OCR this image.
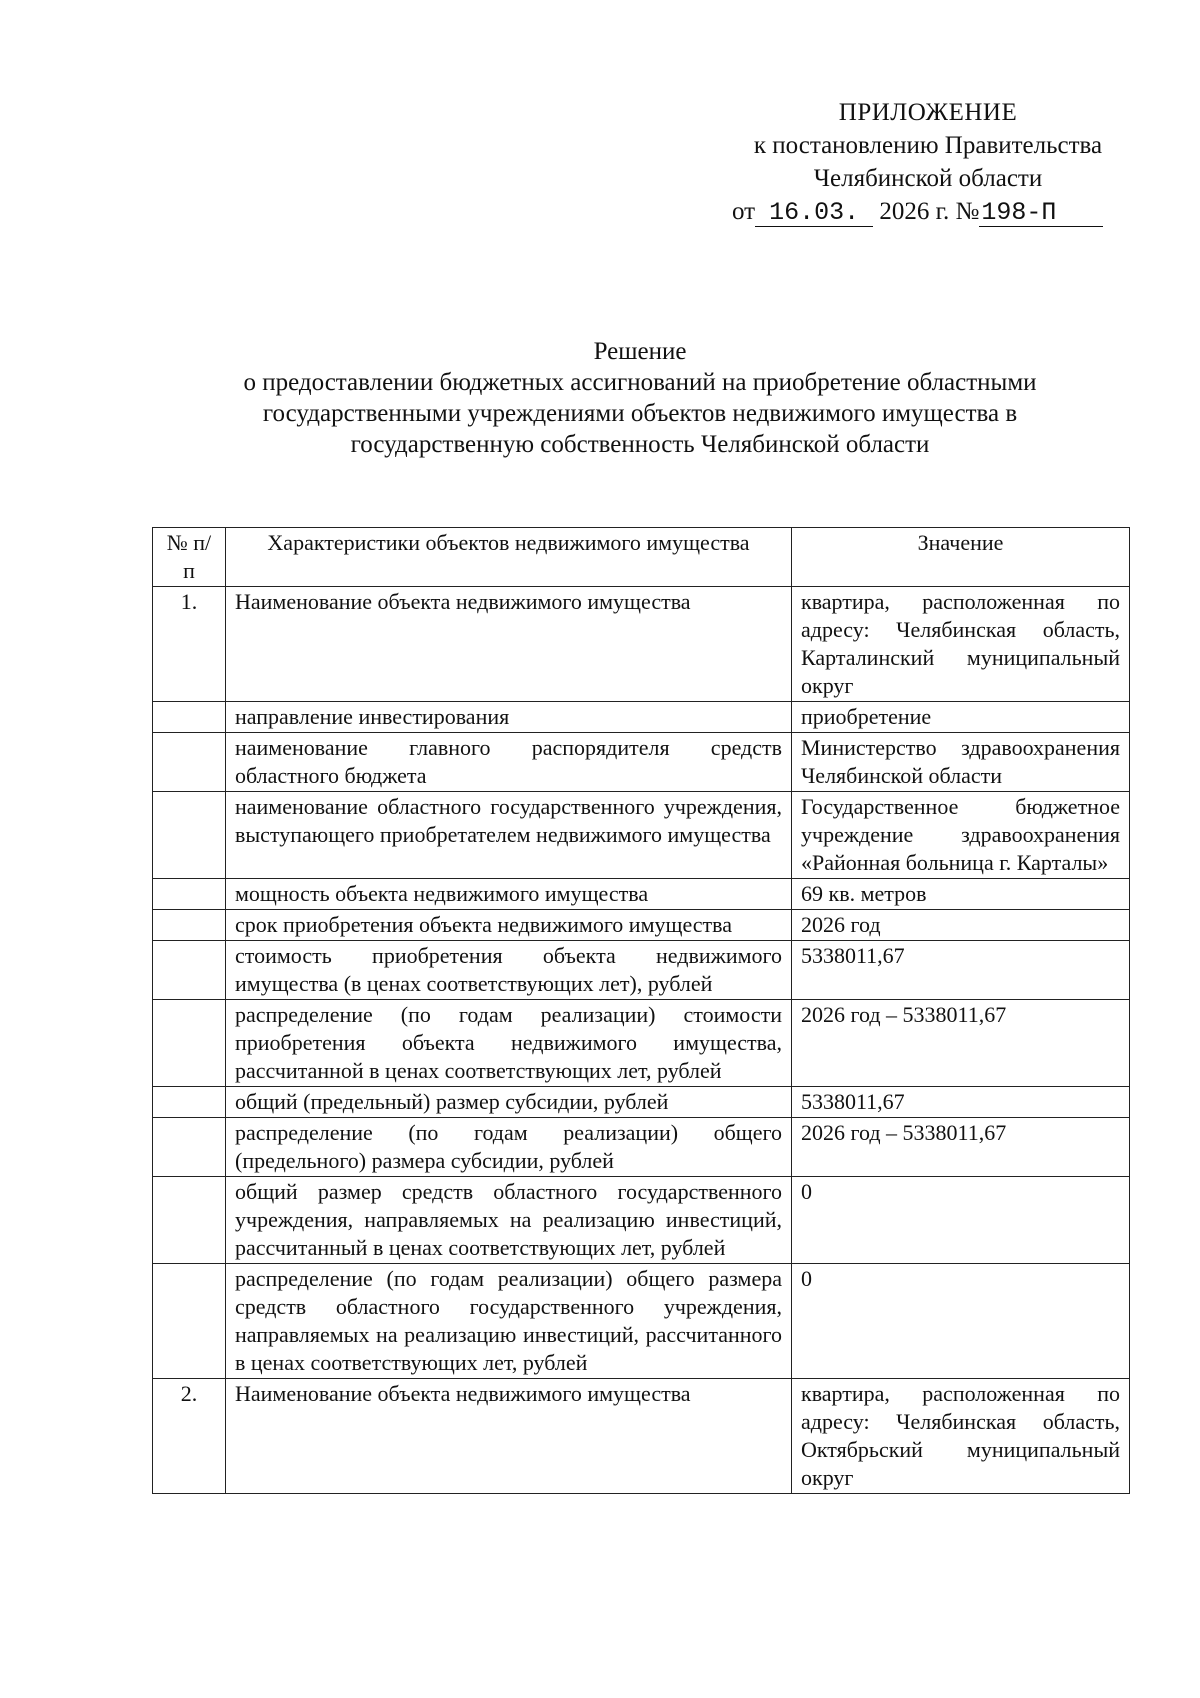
ПРИЛОЖЕНИЕ
к постановлению Правительства
Челябинской области
от 16.03. 2026 г. №198-П
Решение
о предоставлении бюджетных ассигнований на приобретение областными
государственными учреждениями объектов недвижимого имущества в
государственную собственность Челябинской области
№ п/п	Характеристики объектов недвижимого имущества	Значение
1.	Наименование объекта недвижимого имущества	квартира, расположенная по адресу: Челябинская область, Карталинский муниципальный округ
	направление инвестирования	приобретение
	наименование главного распорядителя средств областного бюджета	Министерство здравоохранения Челябинской области
	наименование областного государственного учреждения, выступающего приобретателем недвижимого имущества	Государственное бюджетное учреждение здравоохранения «Районная больница г. Карталы»
	мощность объекта недвижимого имущества	69 кв. метров
	срок приобретения объекта недвижимого имущества	2026 год
	стоимость приобретения объекта недвижимого имущества (в ценах соответствующих лет), рублей	5338011,67
	распределение (по годам реализации) стоимости приобретения объекта недвижимого имущества, рассчитанной в ценах соответствующих лет, рублей	2026 год – 5338011,67
	общий (предельный) размер субсидии, рублей	5338011,67
	распределение (по годам реализации) общего (предельного) размера субсидии, рублей	2026 год – 5338011,67
	общий размер средств областного государственного учреждения, направляемых на реализацию инвестиций, рассчитанный в ценах соответствующих лет, рублей	0
	распределение (по годам реализации) общего размера средств областного государственного учреждения, направляемых на реализацию инвестиций, рассчитанного в ценах соответствующих лет, рублей	0
2.	Наименование объекта недвижимого имущества	квартира, расположенная по адресу: Челябинская область, Октябрьский муниципальный округ
